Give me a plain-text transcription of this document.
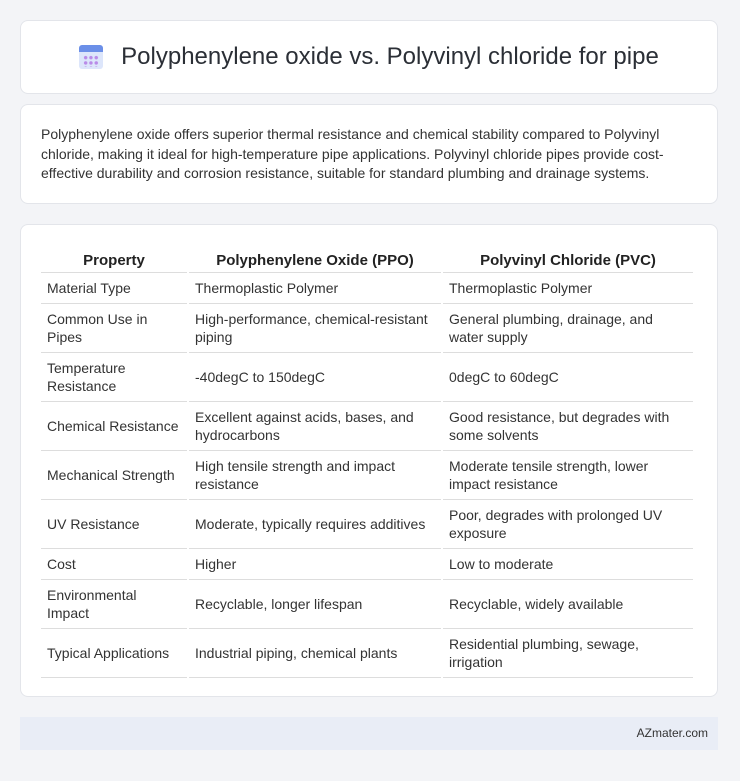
Polyphenylene oxide vs. Polyvinyl chloride for pipe

Polyphenylene oxide offers superior thermal resistance and chemical stability compared to Polyvinyl chloride, making it ideal for high-temperature pipe applications. Polyvinyl chloride pipes provide cost-effective durability and corrosion resistance, suitable for standard plumbing and drainage systems.

Property	Polyphenylene Oxide (PPO)	Polyvinyl Chloride (PVC)
Material Type	Thermoplastic Polymer	Thermoplastic Polymer
Common Use in Pipes	High-performance, chemical-resistant piping	General plumbing, drainage, and water supply
Temperature Resistance	-40degC to 150degC	0degC to 60degC
Chemical Resistance	Excellent against acids, bases, and hydrocarbons	Good resistance, but degrades with some solvents
Mechanical Strength	High tensile strength and impact resistance	Moderate tensile strength, lower impact resistance
UV Resistance	Moderate, typically requires additives	Poor, degrades with prolonged UV exposure
Cost	Higher	Low to moderate
Environmental Impact	Recyclable, longer lifespan	Recyclable, widely available
Typical Applications	Industrial piping, chemical plants	Residential plumbing, sewage, irrigation
AZmater.com
